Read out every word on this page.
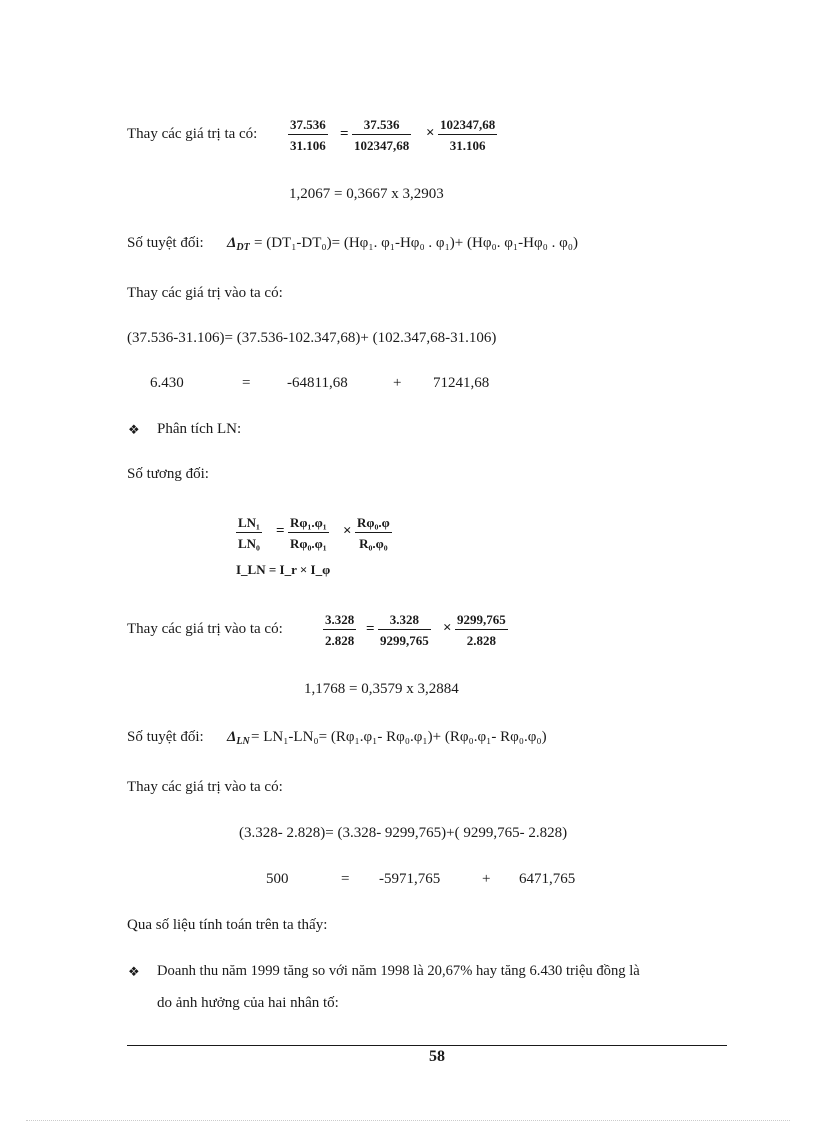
Thay các giá trị ta có: $\frac{37.536}{31.106} = \frac{37.536}{102347,68} \times \frac{102347,68}{31.106}$
1,2067 = 0,3667 x 3,2903
Số tuyệt đối: $\Delta_{DT} = (DT_1-DT_0)= (H\varphi_1$. φ₁-Hφ₀ . φ₁)+ (Hφ₀. φ₁-Hφ₀ . φ₀)
Thay các giá trị vào ta có:
(37.536-31.106)= (37.536-102.347,68)+ (102.347,68-31.106)
6.430	= -64811,68	+ 71241,68
❖ Phân tích LN:
Số tương đối:
$\frac{\text{LN₁}}{\text{LN₀}} = \frac{\text{Rφ₁.φ₁}}{\text{Rφ₀.φ₁}} \times \frac{\text{Rφ₀.φ}}{\text{R₀.φ₀}}$
I_LN = I_r × I_φ
Thay các giá trị vào ta có:	$\frac{3.328}{2.828} = \frac{3.328}{9299,765} \times \frac{9299,765}{2.828}$
1,1768 = 0,3579 x 3,2884
Số tuyệt đối: $\Delta_{LN} = LN_1-LN_0= (R\varphi_1.\varphi_1-$ Rφ₀.φ₁)+ (Rφ₀.φ₁- Rφ₀.φ₀)
Thay các giá trị vào ta có:
(3.328- 2.828)= (3.328- 9299,765)+( 9299,765- 2.828)
500	= -5971,765	+ 6471,765
Qua số liệu tính toán trên ta thấy:
❖ Doanh thu năm 1999 tăng so với năm 1998 là 20,67% hay tăng 6.430 triệu đồng là
do ảnh hưởng của hai nhân tố:
58
